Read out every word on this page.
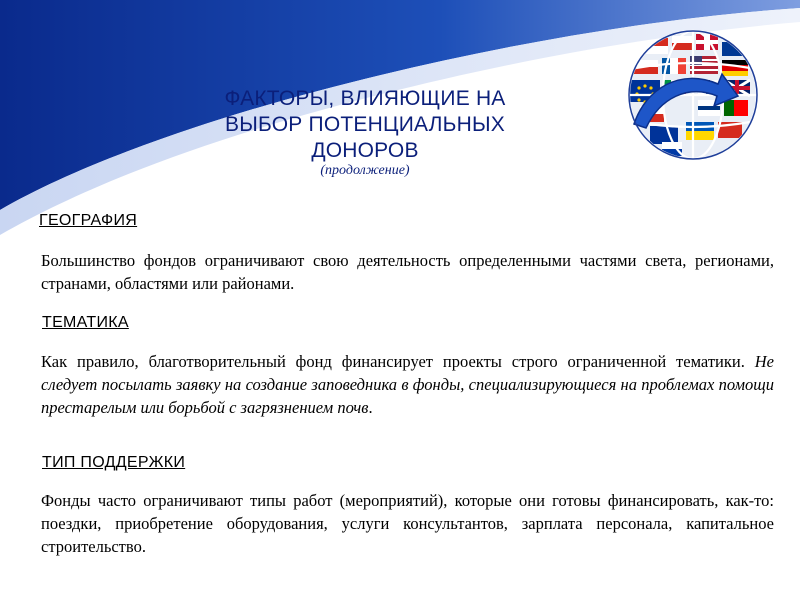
ФАКТОРЫ, ВЛИЯЮЩИЕ НА
ВЫБОР ПОТЕНЦИАЛЬНЫХ
ДОНОРОВ
(продолжение)
ГЕОГРАФИЯ
Большинство фондов ограничивают свою деятельность определенными частями света, регионами, странами, областями или районами.
ТЕМАТИКА
Как правило, благотворительный фонд финансирует проекты строго ограниченной тематики. Не следует посылать заявку на создание заповедника в фонды, специализирующиеся на проблемах помощи престарелым или борьбой с загрязнением почв.
ТИП ПОДДЕРЖКИ
Фонды часто ограничивают типы работ (мероприятий), которые они готовы финансировать, как-то: поездки, приобретение оборудования, услуги консультантов, зарплата персонала, капитальное строительство.
